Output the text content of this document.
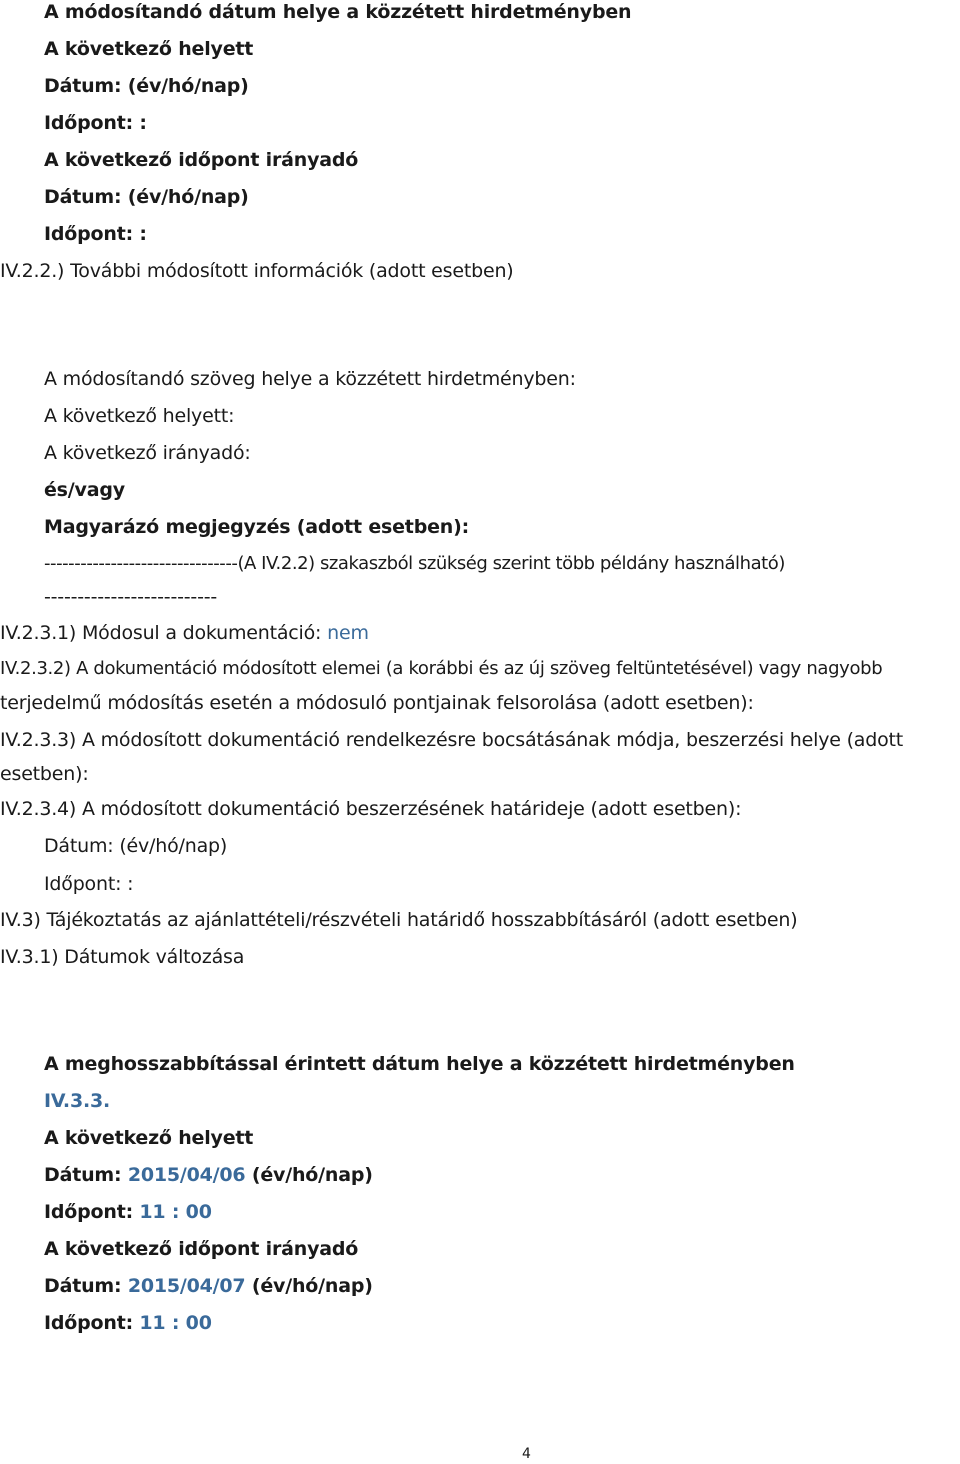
A módosítandó dátum helye a közzétett hirdetményben
A következő helyett
Dátum: (év/hó/nap)
Időpont: :
A következő időpont irányadó
Dátum: (év/hó/nap)
Időpont: :
IV.2.2.) További módosított információk (adott esetben)
A módosítandó szöveg helye a közzétett hirdetményben:
A következő helyett:
A következő irányadó:
és/vagy
Magyarázó megjegyzés (adott esetben):
--------------------------------(A IV.2.2) szakaszból szükség szerint több példány használható)
--------------------------
IV.2.3.1) Módosul a dokumentáció: nem
IV.2.3.2) A dokumentáció módosított elemei (a korábbi és az új szöveg feltüntetésével) vagy nagyobb
terjedelmű módosítás esetén a módosuló pontjainak felsorolása (adott esetben):
IV.2.3.3) A módosított dokumentáció rendelkezésre bocsátásának módja, beszerzési helye (adott
esetben):
IV.2.3.4) A módosított dokumentáció beszerzésének határideje (adott esetben):
Dátum: (év/hó/nap)
Időpont: :
IV.3) Tájékoztatás az ajánlattételi/részvételi határidő hosszabbításáról (adott esetben)
IV.3.1) Dátumok változása
A meghosszabbítással érintett dátum helye a közzétett hirdetményben
IV.3.3.
A következő helyett
Dátum: 2015/04/06 (év/hó/nap)
Időpont: 11 : 00
A következő időpont irányadó
Dátum: 2015/04/07 (év/hó/nap)
Időpont: 11 : 00
4
